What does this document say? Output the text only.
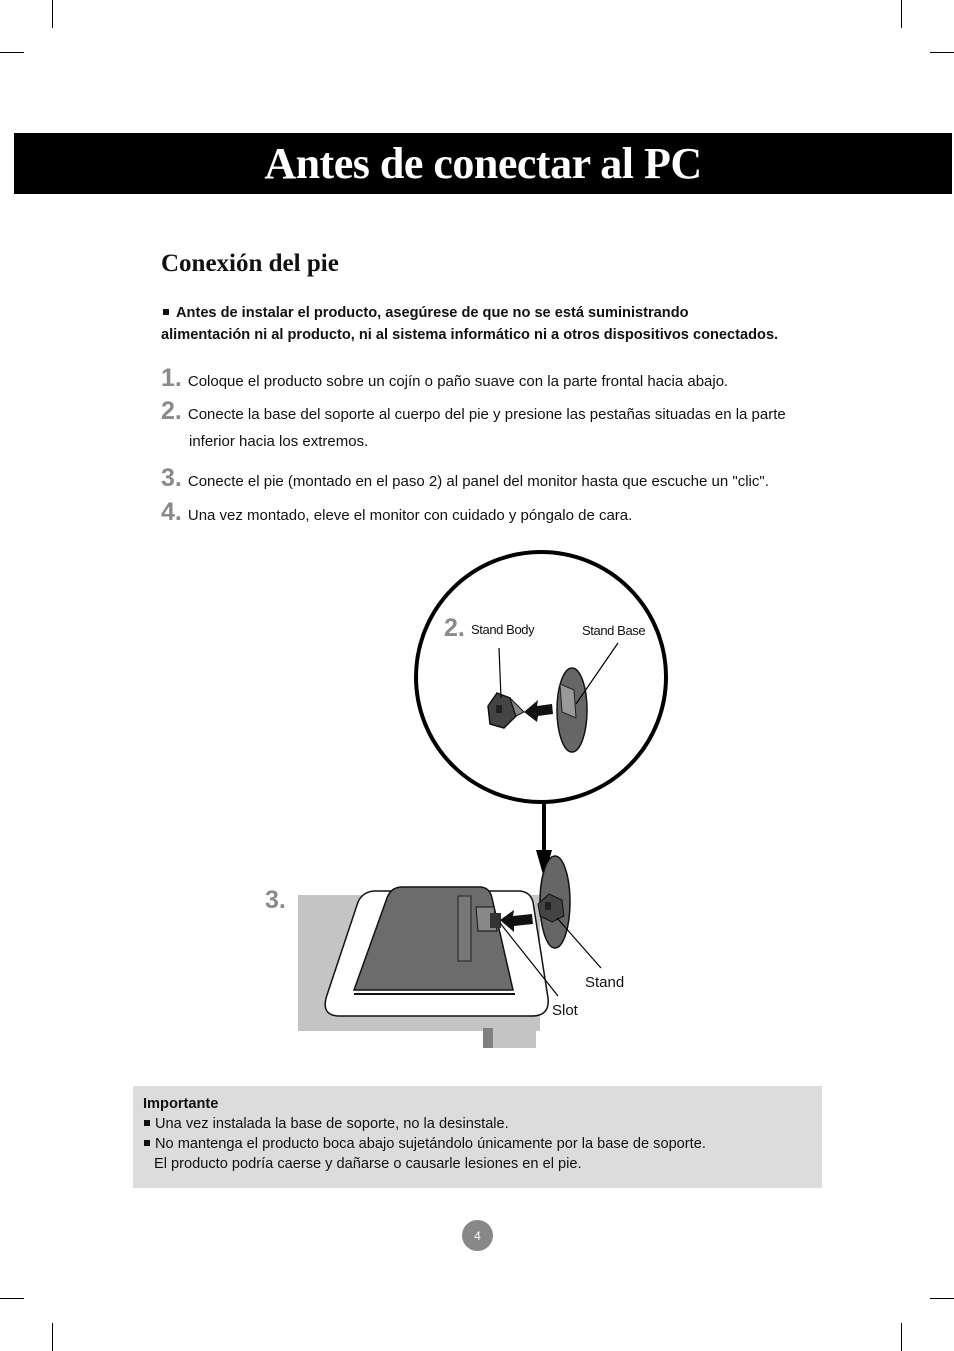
Antes de conectar al PC
Conexión del pie
Antes de instalar el producto, asegúrese de que no se está suministrando
alimentación ni al producto, ni al sistema informático ni a otros dispositivos conectados.
1. Coloque el producto sobre un cojín o paño suave con la parte frontal hacia abajo.
2. Conecte la base del soporte al cuerpo del pie y presione las pestañas situadas en la parte
inferior hacia los extremos.
3. Conecte el pie (montado en el paso 2) al panel del monitor hasta que escuche un "clic".
4. Una vez montado, eleve el monitor con cuidado y póngalo de cara.
2. Stand Body	Stand Base
3.
Stand
Slot
Importante
Una vez instalada la base de soporte, no la desinstale.
No mantenga el producto boca abajo sujetándolo únicamente por la base de soporte.
El producto podría caerse y dañarse o causarle lesiones en el pie.
4
